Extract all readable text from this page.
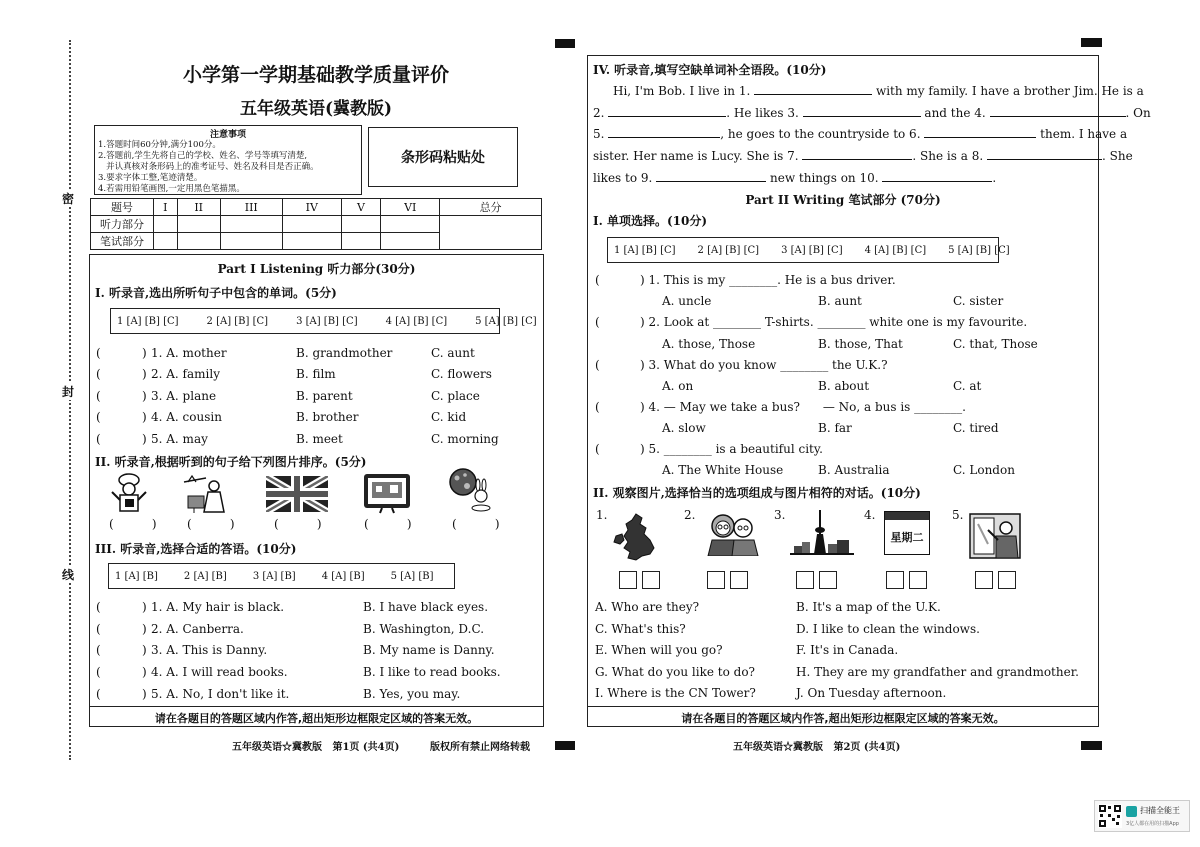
密
封
线
小学第一学期基础教学质量评价
五年级英语(冀教版)
注意事项
1.答题时间60分钟,满分100分。
2.答题前,学生先将自己的学校、姓名、学号等填写清楚,
并认真核对条形码上的准考证号、姓名及科目是否正确。
3.要求字体工整,笔迹清楚。
4.若需用铅笔画图,一定用黑色笔描黑。
条形码粘贴处
题号	I	II	III	IV	V	VI	总分
听力部分							
笔试部分							
Part I Listening 听力部分(30分)
I. 听录音,选出所听句子中包含的单词。(5分)
1 [A] [B] [C]	2 [A] [B] [C]	3 [A] [B] [C]	4 [A] [B] [C]	5 [A] [B] [C]
(	) 1. A. mother	B. grandmother	C. aunt
(	) 2. A. family	B. film	C. flowers
(	) 3. A. plane	B. parent	C. place
(	) 4. A. cousin	B. brother	C. kid
(	) 5. A. may	B. meet	C. morning
II. 听录音,根据听到的句子给下列图片排序。(5分)
(          )	(          )	(          )	(          )	(          )
III. 听录音,选择合适的答语。(10分)
1 [A] [B]	2 [A] [B]	3 [A] [B]	4 [A] [B]	5 [A] [B]
(	) 1. A. My hair is black.	B. I have black eyes.
(	) 2. A. Canberra.	B. Washington, D.C.
(	) 3. A. This is Danny.	B. My name is Danny.
(	) 4. A. I will read books.	B. I like to read books.
(	) 5. A. No, I don't like it.	B. Yes, you may.
请在各题目的答题区域内作答,超出矩形边框限定区域的答案无效。
五年级英语☆冀教版   第1页 (共4页)	版权所有禁止网络转载
IV. 听录音,填写空缺单词补全语段。(10分)
Hi, I'm Bob. I live in 1.	with my family. I have a brother Jim. He is a
2.	. He likes 3.	and the 4.	. On
5.	, he goes to the countryside to 6.	them. I have a
sister. Her name is Lucy. She is 7.	. She is a 8.	. She
likes to 9.	new things on 10.	.
Part II Writing 笔试部分 (70分)
I. 单项选择。(10分)
1 [A] [B] [C] 2 [A] [B] [C] 3 [A] [B] [C] 4 [A] [B] [C] 5 [A] [B] [C]
(	) 1. This is my ________. He is a bus driver.
A. uncle	B. aunt	C. sister
(	) 2. Look at ________ T-shirts. ________ white one is my favourite.
A. those, Those	B. those, That	C. that, Those
(	) 3. What do you know ________ the U.K.?
A. on	B. about	C. at
(	) 4. — May we take a bus?      — No, a bus is ________.
A. slow	B. far	C. tired
(	) 5. ________ is a beautiful city.
A. The White House	B. Australia	C. London
II. 观察图片,选择恰当的选项组成与图片相符的对话。(10分)
1.	2.	3.	4.	5.
星期二
A. Who are they?	B. It's a map of the U.K.
C. What's this?	D. I like to clean the windows.
E. When will you go?	F. It's in Canada.
G. What do you like to do?	H. They are my grandfather and grandmother.
I. Where is the CN Tower?	J. On Tuesday afternoon.
请在各题目的答题区域内作答,超出矩形边框限定区域的答案无效。
五年级英语☆冀教版   第2页 (共4页)
扫描全能王
3亿人都在用的扫描App
